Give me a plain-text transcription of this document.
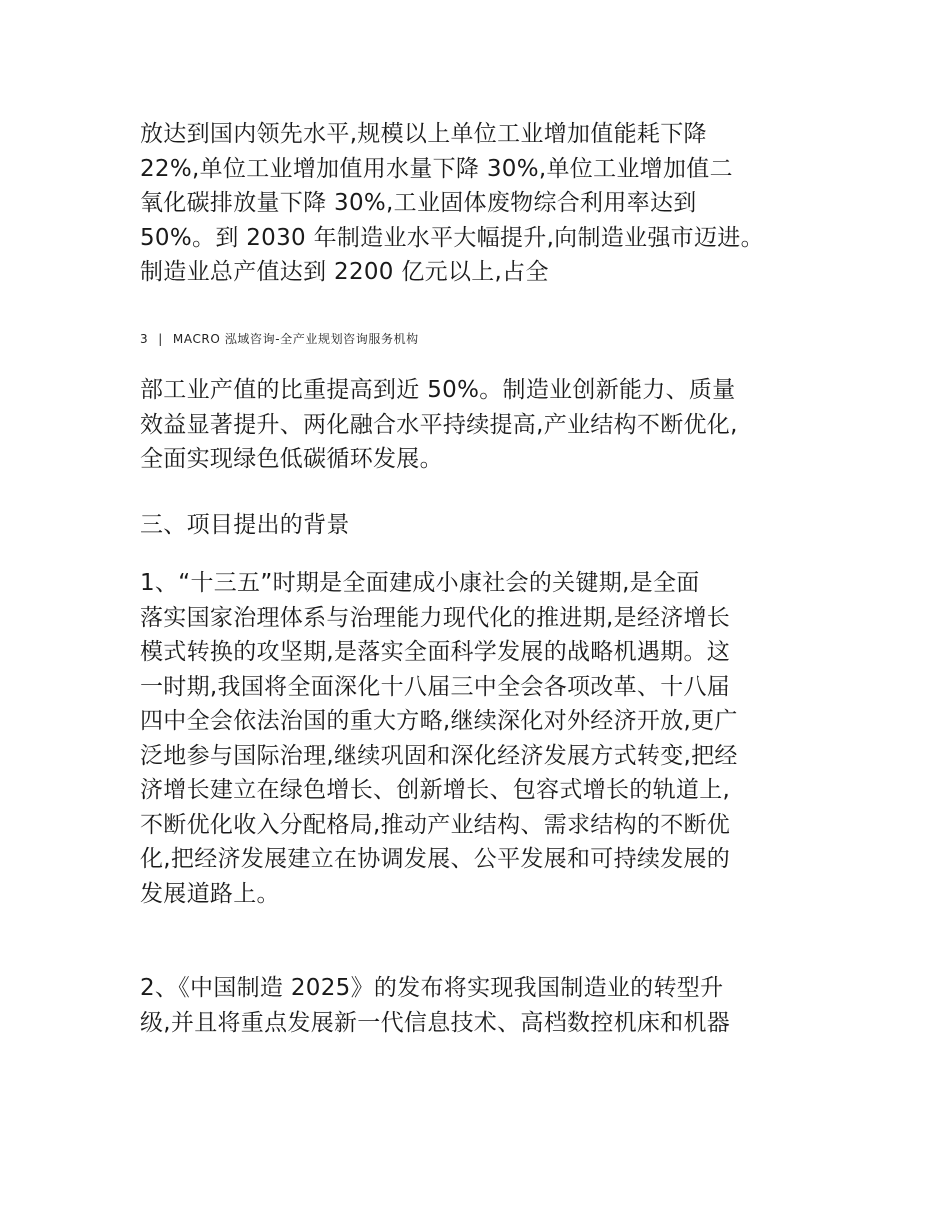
放达到国内领先水平,规模以上单位工业增加值能耗下降
22%,单位工业增加值用水量下降 30%,单位工业增加值二
氧化碳排放量下降 30%,工业固体废物综合利用率达到
50%。到 2030 年制造业水平大幅提升,向制造业强市迈进。
制造业总产值达到 2200 亿元以上,占全

3 | MACRO 泓域咨询-全产业规划咨询服务机构

部工业产值的比重提高到近 50%。制造业创新能力、质量
效益显著提升、两化融合水平持续提高,产业结构不断优化,
全面实现绿色低碳循环发展。

三、项目提出的背景

1、“十三五”时期是全面建成小康社会的关键期,是全面
落实国家治理体系与治理能力现代化的推进期,是经济增长
模式转换的攻坚期,是落实全面科学发展的战略机遇期。这
一时期,我国将全面深化十八届三中全会各项改革、十八届
四中全会依法治国的重大方略,继续深化对外经济开放,更广
泛地参与国际治理,继续巩固和深化经济发展方式转变,把经
济增长建立在绿色增长、创新增长、包容式增长的轨道上,
不断优化收入分配格局,推动产业结构、需求结构的不断优
化,把经济发展建立在协调发展、公平发展和可持续发展的
发展道路上。

2、《中国制造 2025》的发布将实现我国制造业的转型升
级,并且将重点发展新一代信息技术、高档数控机床和机器
